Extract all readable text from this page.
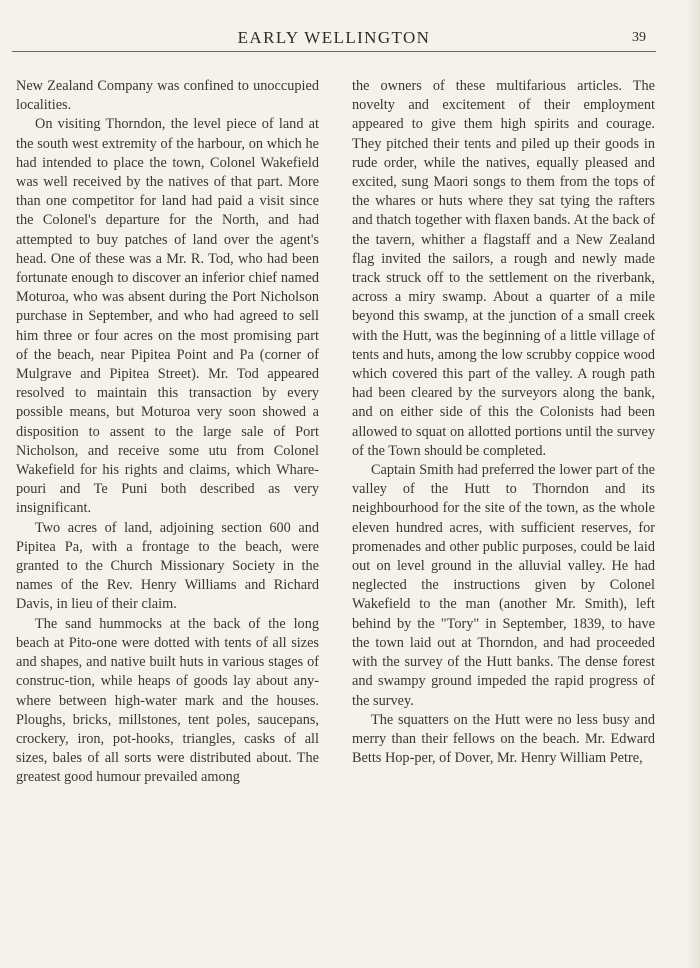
EARLY WELLINGTON	39

New Zealand Company was confined to unoccupied localities.

On visiting Thorndon, the level piece of land at the south west extremity of the harbour, on which he had intended to place the town, Colonel Wakefield was well received by the natives of that part. More than one competitor for land had paid a visit since the Colonel's departure for the North, and had attempted to buy patches of land over the agent's head. One of these was a Mr. R. Tod, who had been fortunate enough to discover an inferior chief named Moturoa, who was absent during the Port Nicholson purchase in September, and who had agreed to sell him three or four acres on the most promising part of the beach, near Pipitea Point and Pa (corner of Mulgrave and Pipitea Street). Mr. Tod appeared resolved to maintain this transaction by every possible means, but Moturoa very soon showed a disposition to assent to the large sale of Port Nicholson, and receive some utu from Colonel Wakefield for his rights and claims, which Whare-pouri and Te Puni both described as very insignificant.

Two acres of land, adjoining section 600 and Pipitea Pa, with a frontage to the beach, were granted to the Church Missionary Society in the names of the Rev. Henry Williams and Richard Davis, in lieu of their claim.

The sand hummocks at the back of the long beach at Pito-one were dotted with tents of all sizes and shapes, and native built huts in various stages of construc-tion, while heaps of goods lay about any-where between high-water mark and the houses. Ploughs, bricks, millstones, tent poles, saucepans, crockery, iron, pot-hooks, triangles, casks of all sizes, bales of all sorts were distributed about. The greatest good humour prevailed among

the owners of these multifarious articles. The novelty and excitement of their employment appeared to give them high spirits and courage. They pitched their tents and piled up their goods in rude order, while the natives, equally pleased and excited, sung Maori songs to them from the tops of the whares or huts where they sat tying the rafters and thatch together with flaxen bands. At the back of the tavern, whither a flagstaff and a New Zealand flag invited the sailors, a rough and newly made track struck off to the settlement on the riverbank, across a miry swamp. About a quarter of a mile beyond this swamp, at the junction of a small creek with the Hutt, was the beginning of a little village of tents and huts, among the low scrubby coppice wood which covered this part of the valley. A rough path had been cleared by the surveyors along the bank, and on either side of this the Colonists had been allowed to squat on allotted portions until the survey of the Town should be completed.

Captain Smith had preferred the lower part of the valley of the Hutt to Thorndon and its neighbourhood for the site of the town, as the whole eleven hundred acres, with sufficient reserves, for promenades and other public purposes, could be laid out on level ground in the alluvial valley. He had neglected the instructions given by Colonel Wakefield to the man (another Mr. Smith), left behind by the "Tory" in September, 1839, to have the town laid out at Thorndon, and had proceeded with the survey of the Hutt banks. The dense forest and swampy ground impeded the rapid progress of the survey.

The squatters on the Hutt were no less busy and merry than their fellows on the beach. Mr. Edward Betts Hop-per, of Dover, Mr. Henry William Petre,
